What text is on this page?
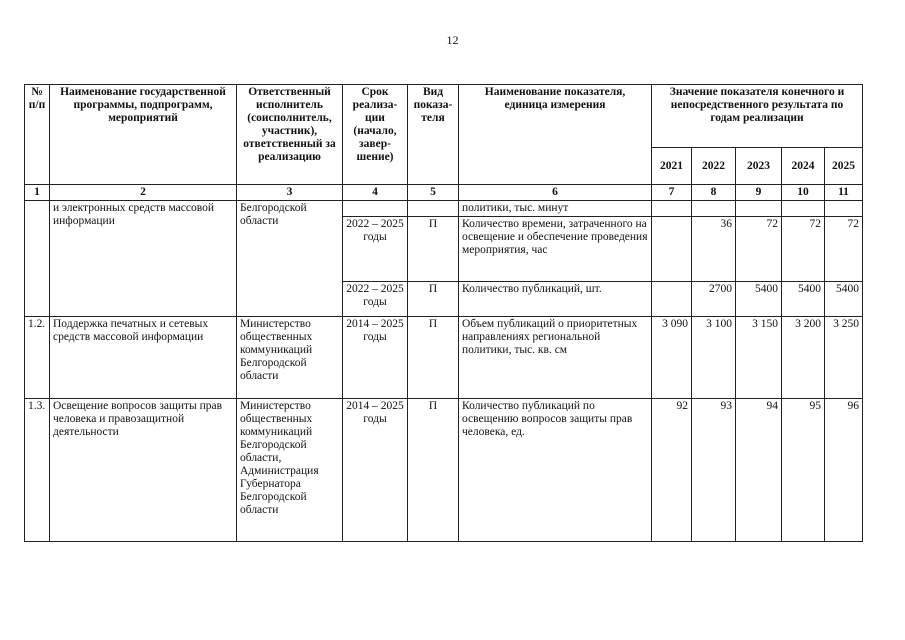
12
№ п/п	Наименование государственной программы, подпрограмм, мероприятий	Ответственный исполнитель (соисполнитель, участник), ответственный за реализацию	Срок реализа-ции (начало, завер-шение)	Вид показа-теля	Наименование показателя, единица измерения	Значение показателя конечного и непосредственного результата по годам реализации				
						2021	2022	2023	2024	2025
1	2	3	4	5	6	7	8	9	10	11
	и электронных средств массовой информации	Белгородской области			политики, тыс. минут					
			2022 – 2025 годы	П	Количество времени, затраченного на освещение и обеспечение проведения мероприятия, час		36	72	72	72
			2022 – 2025 годы	П	Количество публикаций, шт.		2700	5400	5400	5400
1.2.	Поддержка печатных и сетевых средств массовой информации	Министерство общественных коммуникаций Белгородской области	2014 – 2025 годы	П	Объем публикаций о приоритетных направлениях региональной политики, тыс. кв. см	3 090	3 100	3 150	3 200	3 250
1.3.	Освещение вопросов защиты прав человека и правозащитной деятельности	Министерство общественных коммуникаций Белгородской области, Администрация Губернатора Белгородской области	2014 – 2025 годы	П	Количество публикаций по освещению вопросов защиты прав человека, ед.	92	93	94	95	96
